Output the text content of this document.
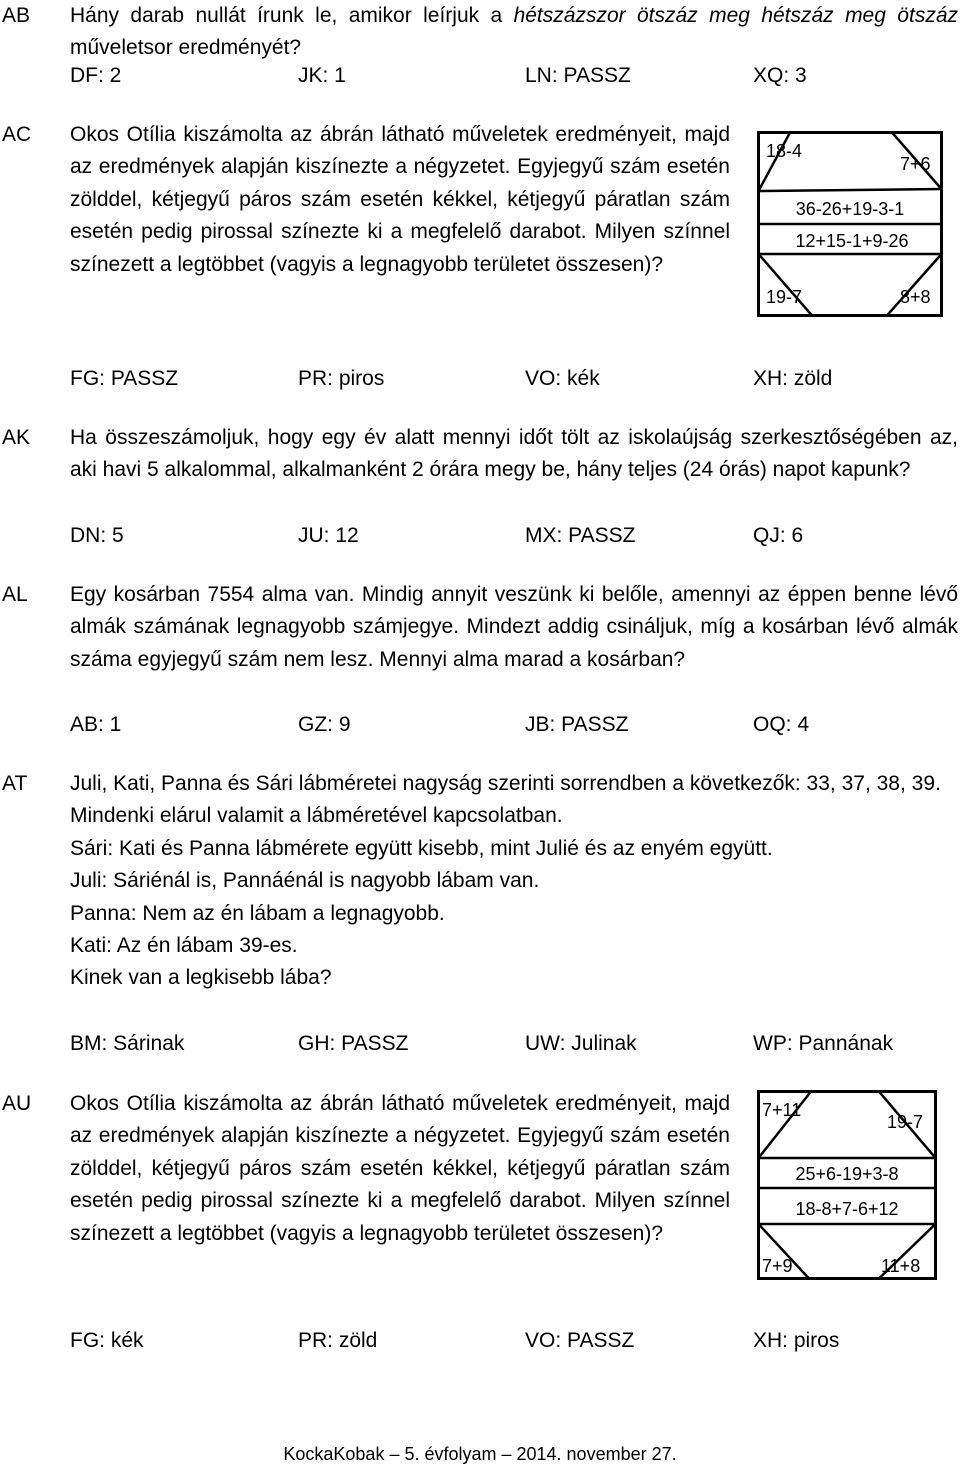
AB Hány darab nullát írunk le, amikor leírjuk a hétszázszor ötszáz meg hétszáz meg ötszáz műveletsor eredményét?

DF: 2	JK: 1	LN: PASSZ	XQ: 3
AC Okos Otília kiszámolta az ábrán látható műveletek eredményeit, majd az eredmények alapján kiszínezte a négyzetet. Egyjegyű szám esetén zölddel, kétjegyű páros szám esetén kékkel, kétjegyű páratlan szám esetén pedig pirossal színezte ki a megfelelő darabot. Milyen színnel színezett a legtöbbet (vagyis a legnagyobb területet összesen)?

18-4
7+6
36-26+19-3-1
12+15-1+9-26
19-7	8+8
FG: PASSZ	PR: piros	VO: kék	XH: zöld
AK Ha összeszámoljuk, hogy egy év alatt mennyi időt tölt az iskolaújság szerkesztőségében az, aki havi 5 alkalommal, alkalmanként 2 órára megy be, hány teljes (24 órás) napot kapunk?

DN: 5	JU: 12	MX: PASSZ	QJ: 6
AL Egy kosárban 7554 alma van. Mindig annyit veszünk ki belőle, amennyi az éppen benne lévő almák számának legnagyobb számjegye. Mindezt addig csináljuk, míg a kosárban lévő almák száma egyjegyű szám nem lesz. Mennyi alma marad a kosárban?

AB: 1	GZ: 9	JB: PASSZ	OQ: 4
AT Juli, Kati, Panna és Sári lábméretei nagyság szerinti sorrendben a következők: 33, 37, 38, 39.

Mindenki elárul valamit a lábméretével kapcsolatban.

Sári: Kati és Panna lábmérete együtt kisebb, mint Julié és az enyém együtt.

Juli: Sáriénál is, Pannáénál is nagyobb lábam van.

Panna: Nem az én lábam a legnagyobb.

Kati: Az én lábam 39-es.

Kinek van a legkisebb lába?

BM: Sárinak	GH: PASSZ	UW: Julinak	WP: Pannának
AU Okos Otília kiszámolta az ábrán látható műveletek eredményeit, majd az eredmények alapján kiszínezte a négyzetet. Egyjegyű szám esetén zölddel, kétjegyű páros szám esetén kékkel, kétjegyű páratlan szám esetén pedig pirossal színezte ki a megfelelő darabot. Milyen színnel színezett a legtöbbet (vagyis a legnagyobb területet összesen)?

7+11
19-7
25+6-19+3-8
18-8+7-6+12
7+9	11+8
FG: kék	PR: zöld	VO: PASSZ	XH: piros
KockaKobak – 5. évfolyam – 2014. november 27.
